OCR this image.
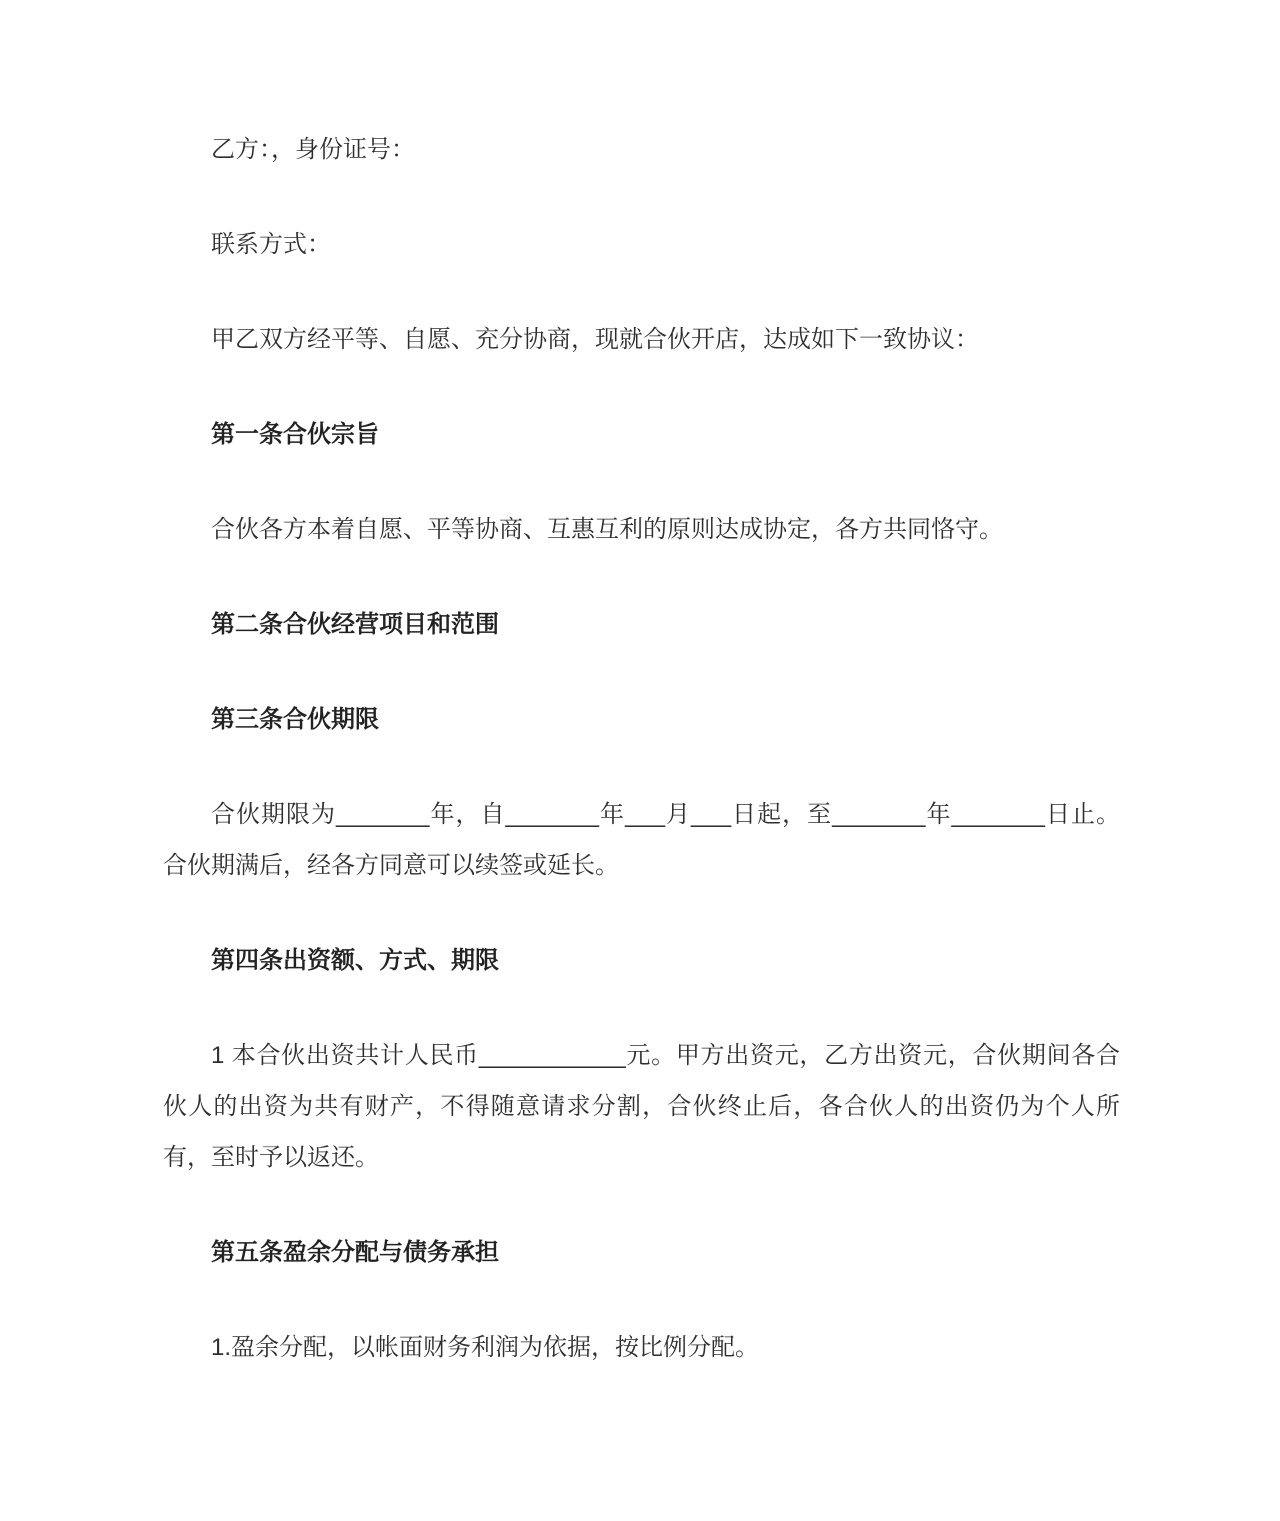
乙方：，身份证号：

联系方式：

甲乙双方经平等、自愿、充分协商，现就合伙开店，达成如下一致协议：

第一条合伙宗旨

合伙各方本着自愿、平等协商、互惠互利的原则达成协定，各方共同恪守。

第二条合伙经营项目和范围
第三条合伙期限

合伙期限为_______年，自_______年___月___日起，至_______年_______日止。合伙期满后，经各方同意可以续签或延长。

第四条出资额、方式、期限

1 本合伙出资共计人民币___________元。甲方出资元，乙方出资元，合伙期间各合伙人的出资为共有财产，不得随意请求分割，合伙终止后，各合伙人的出资仍为个人所有，至时予以返还。

第五条盈余分配与债务承担

1.盈余分配，以帐面财务利润为依据，按比例分配。
